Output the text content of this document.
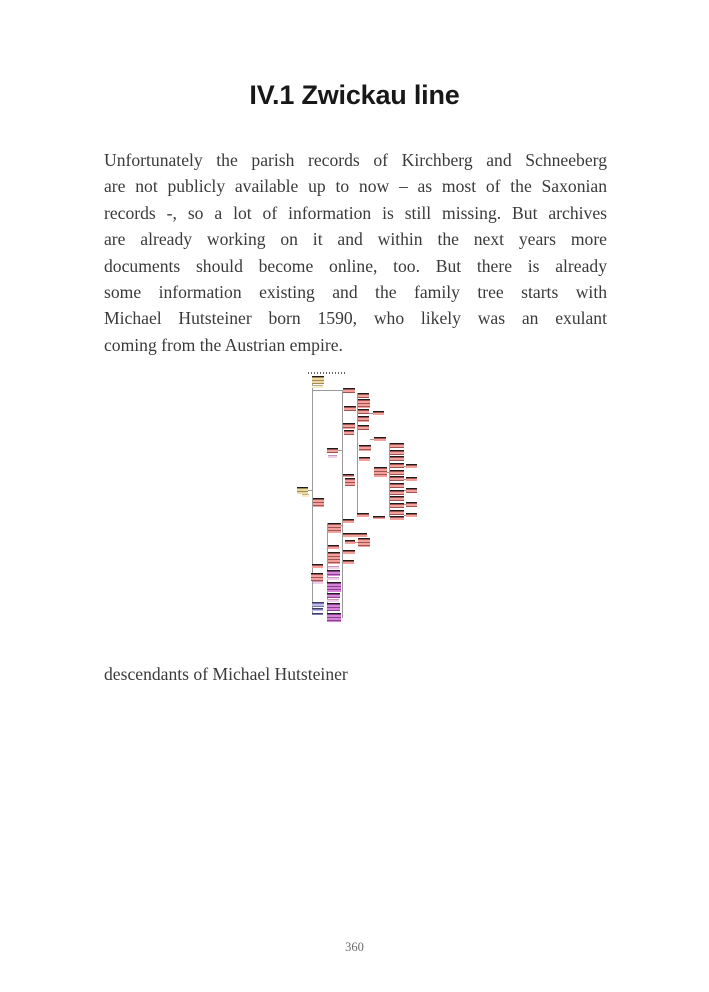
IV.1 Zwickau line
Unfortunately the parish records of Kirchberg and Schneeberg
are not publicly available up to now – as most of the Saxonian
records -, so a lot of information is still missing. But archives
are already working on it and within the next years more
documents should become online, too. But there is already
some information existing and the family tree starts with
Michael Hutsteiner born 1590, who likely was an exulant
coming from the Austrian empire.
descendants of Michael Hutsteiner
360
